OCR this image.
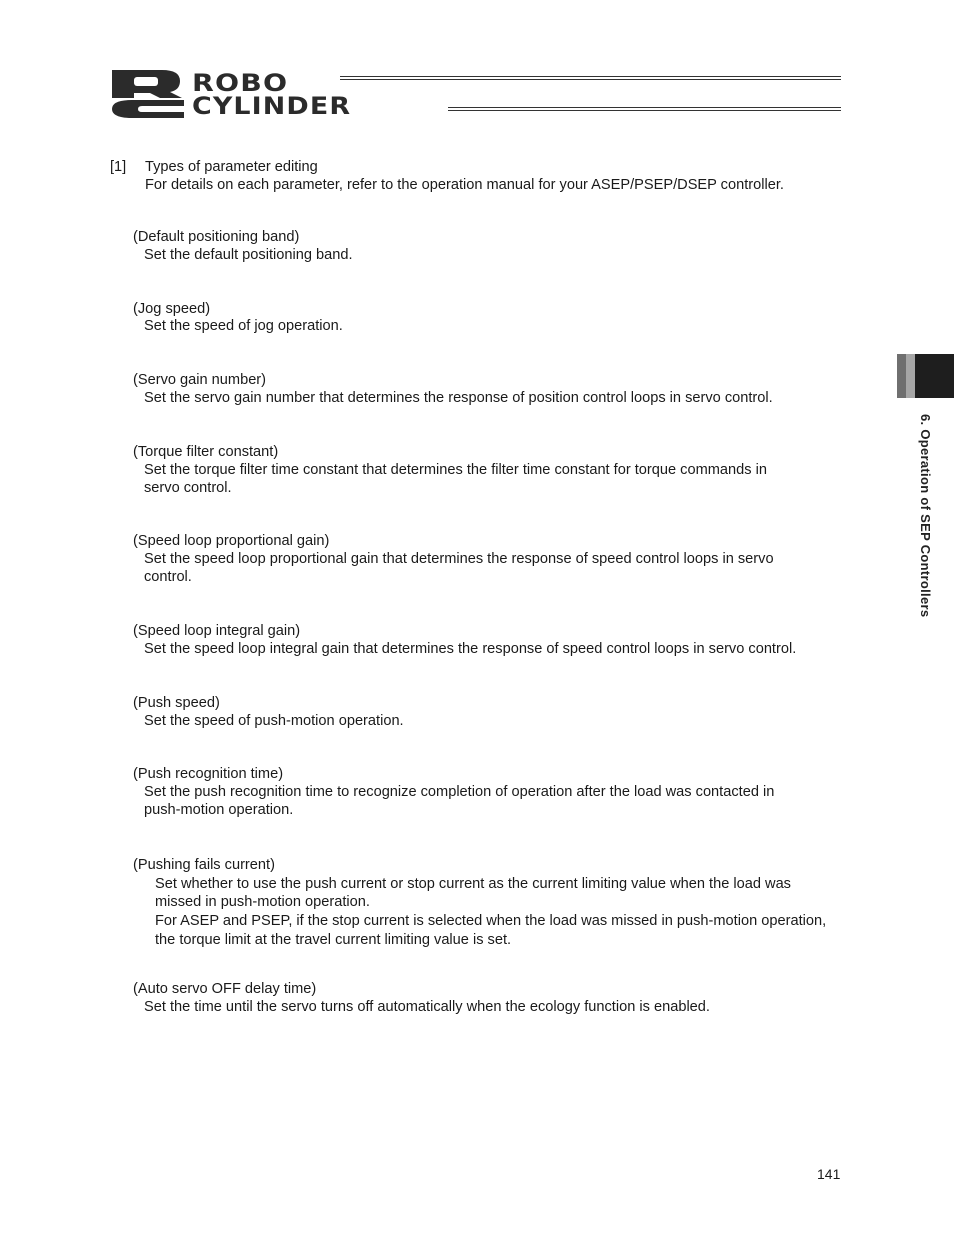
ROBO
CYLINDER
6. Operation of SEP Controllers
[1] Types of parameter editing
For details on each parameter, refer to the operation manual for your ASEP/PSEP/DSEP controller.
(Default positioning band)
Set the default positioning band.
(Jog speed)
Set the speed of jog operation.
(Servo gain number)
Set the servo gain number that determines the response of position control loops in servo control.
(Torque filter constant)
Set the torque filter time constant that determines the filter time constant for torque commands in
servo control.
(Speed loop proportional gain)
Set the speed loop proportional gain that determines the response of speed control loops in servo
control.
(Speed loop integral gain)
Set the speed loop integral gain that determines the response of speed control loops in servo control.
(Push speed)
Set the speed of push-motion operation.
(Push recognition time)
Set the push recognition time to recognize completion of operation after the load was contacted in
push-motion operation.
(Pushing fails current)
Set whether to use the push current or stop current as the current limiting value when the load was
missed in push-motion operation.
For ASEP and PSEP, if the stop current is selected when the load was missed in push-motion operation,
the torque limit at the travel current limiting value is set.
(Auto servo OFF delay time)
Set the time until the servo turns off automatically when the ecology function is enabled.
141
